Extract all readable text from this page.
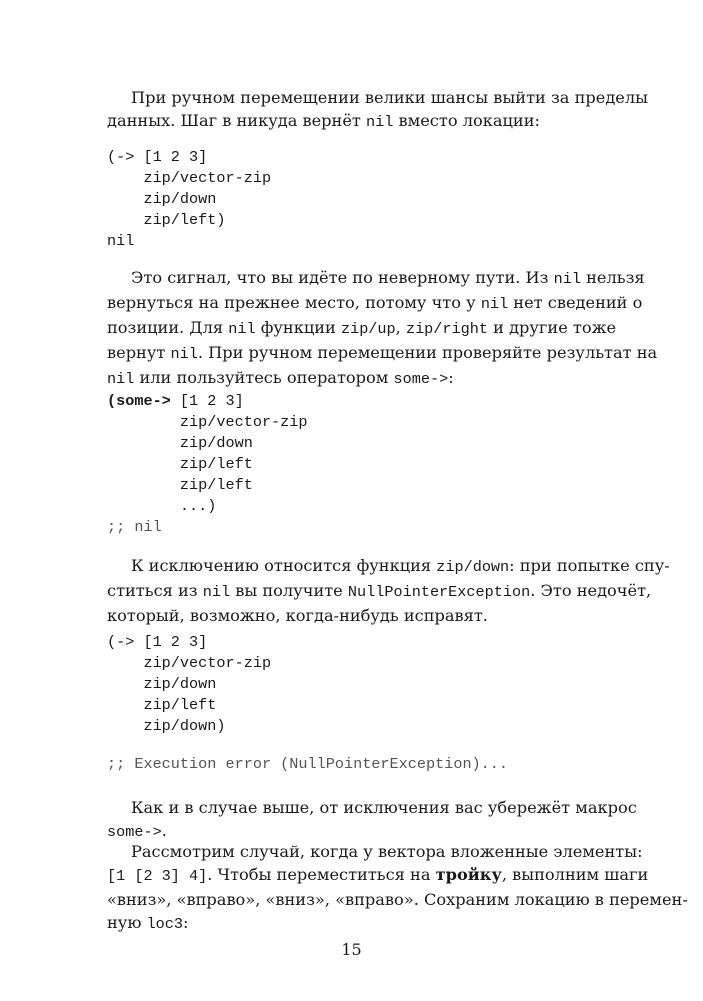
При ручном перемещении велики шансы выйти за пределы
данных. Шаг в никуда вернёт nil вместо локации:

(-> [1 2 3]
zip/vector-zip
zip/down
zip/left)
nil

Это сигнал, что вы идёте по неверному пути. Из nil нельзя
вернуться на прежнее место, потому что у nil нет сведений о
позиции. Для nil функции zip/up, zip/right и другие тоже
вернут nil. При ручном перемещении проверяйте результат на
nil или пользуйтесь оператором some->:

(some-> [1 2 3]
zip/vector-zip
zip/down
zip/left
zip/left
...)
;; nil

К исключению относится функция zip/down: при попытке спу-
ститься из nil вы получите NullPointerException. Это недочёт,
который, возможно, когда-нибудь исправят.

(-> [1 2 3]
zip/vector-zip
zip/down
zip/left
zip/down)
;; Execution error (NullPointerException)...

Как и в случае выше, от исключения вас убережёт макрос
some->.

Рассмотрим случай, когда у вектора вложенные элементы:
[1 [2 3] 4]. Чтобы переместиться на тройку, выполним шаги
«вниз», «вправо», «вниз», «вправо». Сохраним локацию в перемен-
ную loc3:

15
